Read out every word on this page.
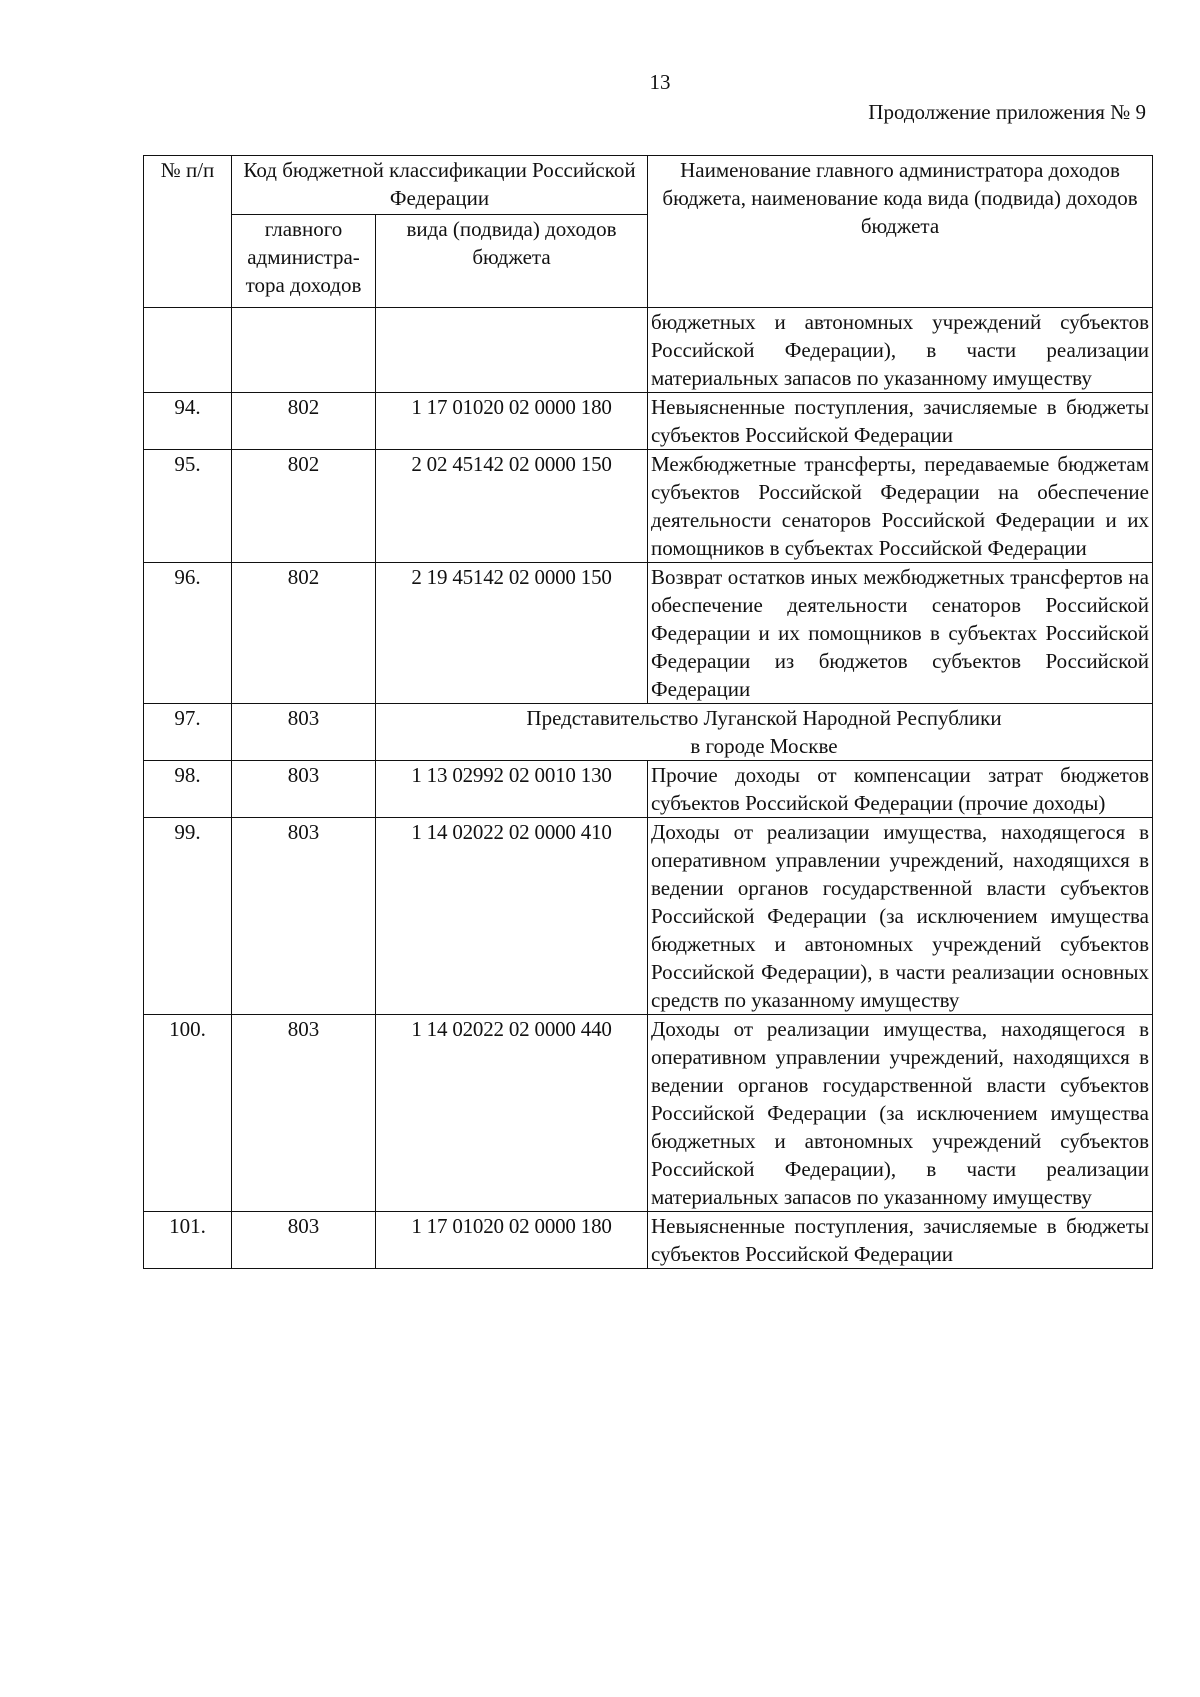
13
Продолжение приложения № 9
№ п/п	Код бюджетной классификации Российской Федерации		Наименование главного администратора доходов бюджета, наименование кода вида (подвида) доходов бюджета
	главного администра-тора доходов	вида (подвида) доходов бюджета	
			бюджетных и автономных учреждений субъектов Российской Федерации), в части реализации материальных запасов по указанному имуществу
94.	802	1 17 01020 02 0000 180	Невыясненные поступления, зачисляемые в бюджеты субъектов Российской Федерации
95.	802	2 02 45142 02 0000 150	Межбюджетные трансферты, передаваемые бюджетам субъектов Российской Федерации на обеспечение деятельности сенаторов Российской Федерации и их помощников в субъектах Российской Федерации
96.	802	2 19 45142 02 0000 150	Возврат остатков иных межбюджетных трансфертов на обеспечение деятельности сенаторов Российской Федерации и их помощников в субъектах Российской Федерации из бюджетов субъектов Российской Федерации
97.	803	Представительство Луганской Народной Республики
в городе Москве	

98.	803	1 13 02992 02 0010 130	Прочие доходы от компенсации затрат бюджетов субъектов Российской Федерации (прочие доходы)
99.	803	1 14 02022 02 0000 410	Доходы от реализации имущества, находящегося в оперативном управлении учреждений, находящихся в ведении органов государственной власти субъектов Российской Федерации (за исключением имущества бюджетных и автономных учреждений субъектов Российской Федерации), в части реализации основных средств по указанному имуществу
100.	803	1 14 02022 02 0000 440	Доходы от реализации имущества, находящегося в оперативном управлении учреждений, находящихся в ведении органов государственной власти субъектов Российской Федерации (за исключением имущества бюджетных и автономных учреждений субъектов Российской Федерации), в части реализации материальных запасов по указанному имуществу
101.	803	1 17 01020 02 0000 180	Невыясненные поступления, зачисляемые в бюджеты субъектов Российской Федерации
